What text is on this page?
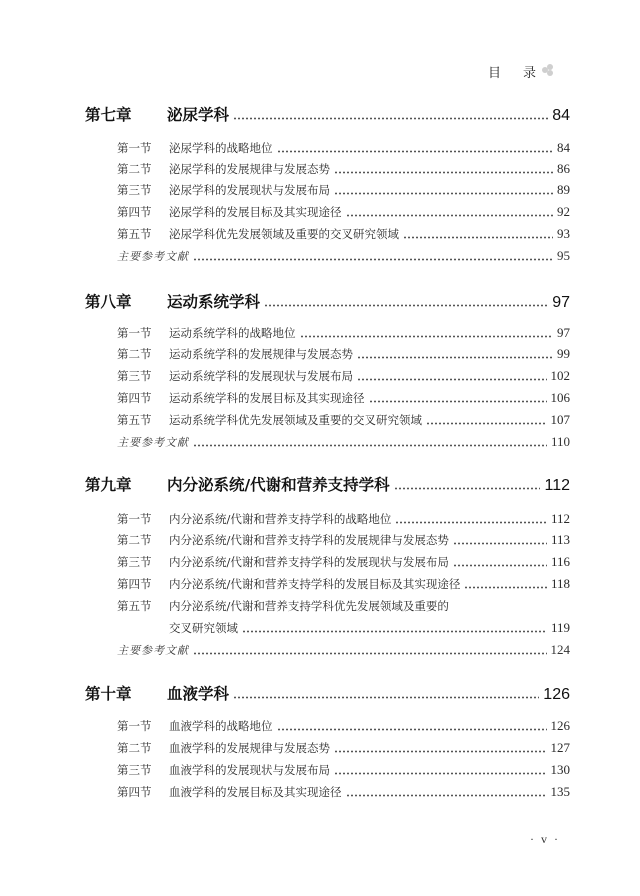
目 录
第七章	泌尿学科	84
第一节	泌尿学科的战略地位	84
第二节	泌尿学科的发展规律与发展态势	86
第三节	泌尿学科的发展现状与发展布局	89
第四节	泌尿学科的发展目标及其实现途径	92
第五节	泌尿学科优先发展领域及重要的交叉研究领域	93
主要参考文献	95
第八章	运动系统学科	97
第一节	运动系统学科的战略地位	97
第二节	运动系统学科的发展规律与发展态势	99
第三节	运动系统学科的发展现状与发展布局	102
第四节	运动系统学科的发展目标及其实现途径	106
第五节	运动系统学科优先发展领域及重要的交叉研究领域	107
主要参考文献	110
第九章	内分泌系统/代谢和营养支持学科	112
第一节	内分泌系统/代谢和营养支持学科的战略地位	112
第二节	内分泌系统/代谢和营养支持学科的发展规律与发展态势	113
第三节	内分泌系统/代谢和营养支持学科的发展现状与发展布局	116
第四节	内分泌系统/代谢和营养支持学科的发展目标及其实现途径	118
第五节	内分泌系统/代谢和营养支持学科优先发展领域及重要的
交叉研究领域	119
主要参考文献	124
第十章	血液学科	126
第一节	血液学科的战略地位	126
第二节	血液学科的发展规律与发展态势	127
第三节	血液学科的发展现状与发展布局	130
第四节	血液学科的发展目标及其实现途径	135
· v ·
